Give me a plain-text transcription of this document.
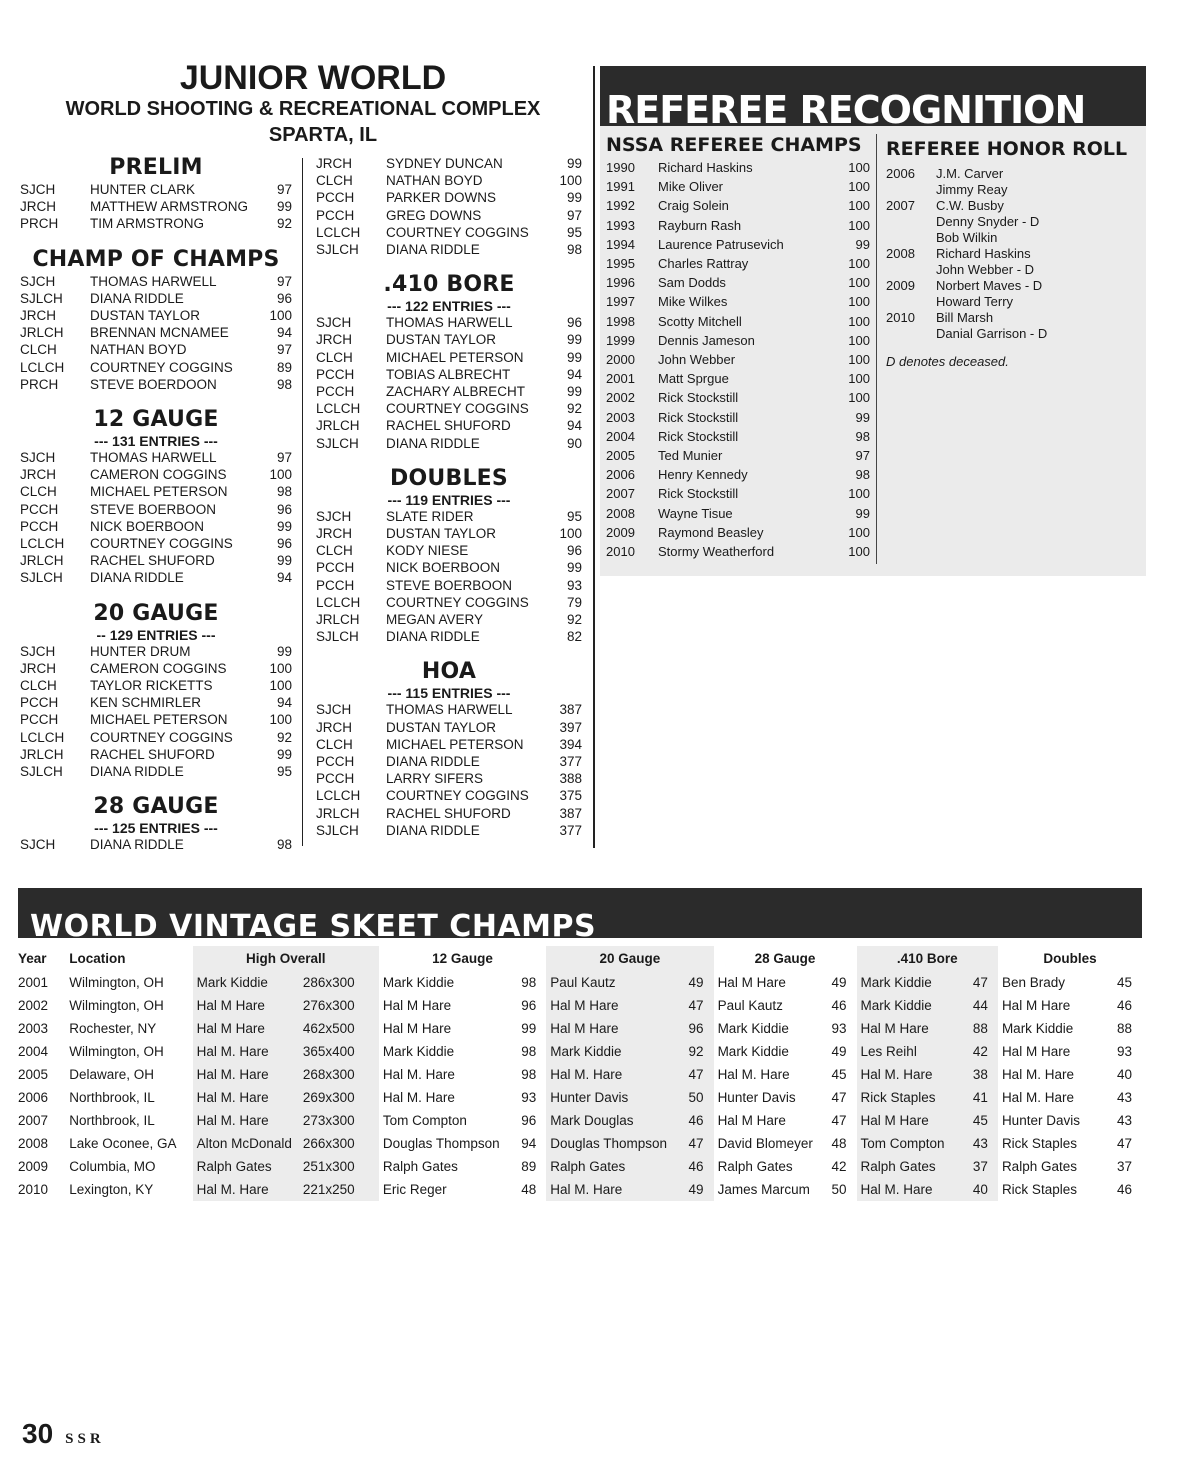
JUNIOR WORLD
WORLD SHOOTING & RECREATIONAL COMPLEX
SPARTA, IL
PRELIM
SJCH	HUNTER CLARK	97
JRCH	MATTHEW ARMSTRONG	99
PRCH	TIM ARMSTRONG	92
CHAMP OF CHAMPS
SJCH	THOMAS HARWELL	97
SJLCH	DIANA RIDDLE	96
JRCH	DUSTAN TAYLOR	100
JRLCH	BRENNAN MCNAMEE	94
CLCH	NATHAN BOYD	97
LCLCH	COURTNEY COGGINS	89
PRCH	STEVE BOERDOON	98
12 GAUGE
--- 131 ENTRIES ---
SJCH	THOMAS HARWELL	97
JRCH	CAMERON COGGINS	100
CLCH	MICHAEL PETERSON	98
PCCH	STEVE BOERBOON	96
PCCH	NICK BOERBOON	99
LCLCH	COURTNEY COGGINS	96
JRLCH	RACHEL SHUFORD	99
SJLCH	DIANA RIDDLE	94
20 GAUGE
-- 129 ENTRIES ---
SJCH	HUNTER DRUM	99
JRCH	CAMERON COGGINS	100
CLCH	TAYLOR RICKETTS	100
PCCH	KEN SCHMIRLER	94
PCCH	MICHAEL PETERSON	100
LCLCH	COURTNEY COGGINS	92
JRLCH	RACHEL SHUFORD	99
SJLCH	DIANA RIDDLE	95
28 GAUGE
--- 125 ENTRIES ---
SJCH	DIANA RIDDLE	98
JRCH	SYDNEY DUNCAN	99
CLCH	NATHAN BOYD	100
PCCH	PARKER DOWNS	99
PCCH	GREG DOWNS	97
LCLCH	COURTNEY COGGINS	95
SJLCH	DIANA RIDDLE	98
.410 BORE
--- 122 ENTRIES ---
SJCH	THOMAS HARWELL	96
JRCH	DUSTAN TAYLOR	99
CLCH	MICHAEL PETERSON	99
PCCH	TOBIAS ALBRECHT	94
PCCH	ZACHARY ALBRECHT	99
LCLCH	COURTNEY COGGINS	92
JRLCH	RACHEL SHUFORD	94
SJLCH	DIANA RIDDLE	90
DOUBLES
--- 119 ENTRIES ---
SJCH	SLATE RIDER	95
JRCH	DUSTAN TAYLOR	100
CLCH	KODY NIESE	96
PCCH	NICK BOERBOON	99
PCCH	STEVE BOERBOON	93
LCLCH	COURTNEY COGGINS	79
JRLCH	MEGAN AVERY	92
SJLCH	DIANA RIDDLE	82
HOA
--- 115 ENTRIES ---
SJCH	THOMAS HARWELL	387
JRCH	DUSTAN TAYLOR	397
CLCH	MICHAEL PETERSON	394
PCCH	DIANA RIDDLE	377
PCCH	LARRY SIFERS	388
LCLCH	COURTNEY COGGINS	375
JRLCH	RACHEL SHUFORD	387
SJLCH	DIANA RIDDLE	377
REFEREE RECOGNITION
NSSA REFEREE CHAMPS
1990	Richard Haskins	100
1991	Mike Oliver	100
1992	Craig Solein	100
1993	Rayburn Rash	100
1994	Laurence Patrusevich	99
1995	Charles Rattray	100
1996	Sam Dodds	100
1997	Mike Wilkes	100
1998	Scotty Mitchell	100
1999	Dennis Jameson	100
2000	John Webber	100
2001	Matt Sprgue	100
2002	Rick Stockstill	100
2003	Rick Stockstill	99
2004	Rick Stockstill	98
2005	Ted Munier	97
2006	Henry Kennedy	98
2007	Rick Stockstill	100
2008	Wayne Tisue	99
2009	Raymond Beasley	100
2010	Stormy Weatherford	100
REFEREE HONOR ROLL
2006	J.M. Carver
Jimmy Reay
2007	C.W. Busby
Denny Snyder - D
Bob Wilkin
2008	Richard Haskins
John Webber - D
2009	Norbert Maves - D
Howard Terry
2010	Bill Marsh
Danial Garrison - D
D denotes deceased.
WORLD VINTAGE SKEET CHAMPS
Year	Location	High Overall		12 Gauge		20 Gauge		28 Gauge		.410 Bore		Doubles	
2001	Wilmington, OH	Mark Kiddie	286x300	Mark Kiddie	98	Paul Kautz	49	Hal M Hare	49	Mark Kiddie	47	Ben Brady	45
2002	Wilmington, OH	Hal M Hare	276x300	Hal M Hare	96	Hal M Hare	47	Paul Kautz	46	Mark Kiddie	44	Hal M Hare	46
2003	Rochester, NY	Hal M Hare	462x500	Hal M Hare	99	Hal M Hare	96	Mark Kiddie	93	Hal M Hare	88	Mark Kiddie	88
2004	Wilmington, OH	Hal M. Hare	365x400	Mark Kiddie	98	Mark Kiddie	92	Mark Kiddie	49	Les Reihl	42	Hal M Hare	93
2005	Delaware, OH	Hal M. Hare	268x300	Hal M. Hare	98	Hal M. Hare	47	Hal M. Hare	45	Hal M. Hare	38	Hal M. Hare	40
2006	Northbrook, IL	Hal M. Hare	269x300	Hal M. Hare	93	Hunter Davis	50	Hunter Davis	47	Rick Staples	41	Hal M. Hare	43
2007	Northbrook, IL	Hal M. Hare	273x300	Tom Compton	96	Mark Douglas	46	Hal M Hare	47	Hal M Hare	45	Hunter Davis	43
2008	Lake Oconee, GA	Alton McDonald	266x300	Douglas Thompson	94	Douglas Thompson	47	David Blomeyer	48	Tom Compton	43	Rick Staples	47
2009	Columbia, MO	Ralph Gates	251x300	Ralph Gates	89	Ralph Gates	46	Ralph Gates	42	Ralph Gates	37	Ralph Gates	37
2010	Lexington, KY	Hal M. Hare	221x250	Eric Reger	48	Hal M. Hare	49	James Marcum	50	Hal M. Hare	40	Rick Staples	46
30 SSR
